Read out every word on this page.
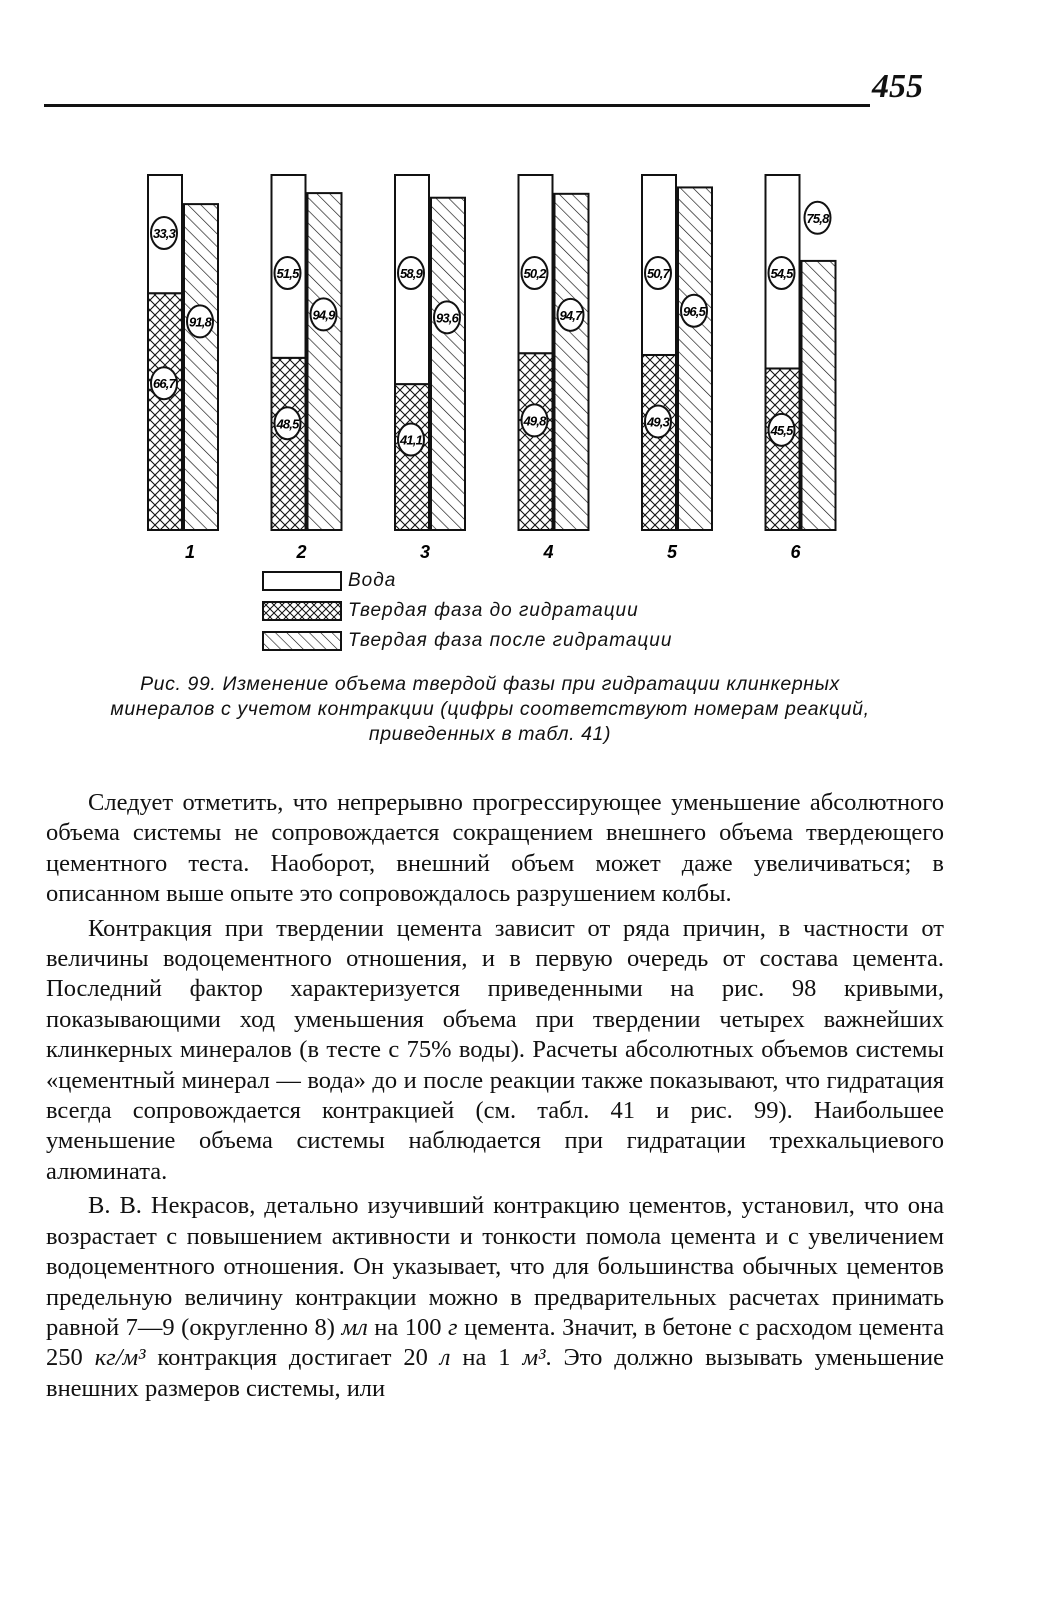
455
33,3
66,7
91,8
51,5
48,5
94,9
58,9
41,1
93,6
50,2
49,8
94,7
50,7
49,3
96,5
54,5
45,5
75,8
1	2	3	4	5	6
Вода
Твердая фаза до гидратации
Твердая фаза после гидратации
Рис. 99. Изменение объема твердой фазы при гидратации клинкерных минералов с учетом контракции (цифры соответствуют номерам реакций, приведенных в табл. 41)

Следует отметить, что непрерывно прогрессирующее уменьшение абсолютного объема системы не сопровождается сокращением внешнего объема твердеющего цементного теста. Наоборот, внешний объем может даже увеличиваться; в описанном выше опыте это сопровождалось разрушением колбы.

Контракция при твердении цемента зависит от ряда причин, в частности от величины водоцементного отношения, и в первую очередь от состава цемента. Последний фактор характеризуется приведенными на рис. 98 кривыми, показывающими ход уменьшения объема при твердении четырех важнейших клинкерных минералов (в тесте с 75% воды). Расчеты абсолютных объемов системы «цементный минерал — вода» до и после реакции также показывают, что гидратация всегда сопровождается контракцией (см. табл. 41 и рис. 99). Наибольшее уменьшение объема системы наблюдается при гидратации трехкальциевого алюмината.

В. В. Некрасов, детально изучивший контракцию цементов, установил, что она возрастает с повышением активности и тонкости помола цемента и с увеличением водоцементного отношения. Он указывает, что для большинства обычных цементов предельную величину контракции можно в предварительных расчетах принимать равной 7—9 (округленно 8) мл на 100 г цемента. Значит, в бетоне с расходом цемента 250 кг/м³ контракция достигает 20 л на 1 м³. Это должно вызывать уменьшение внешних размеров системы, или
